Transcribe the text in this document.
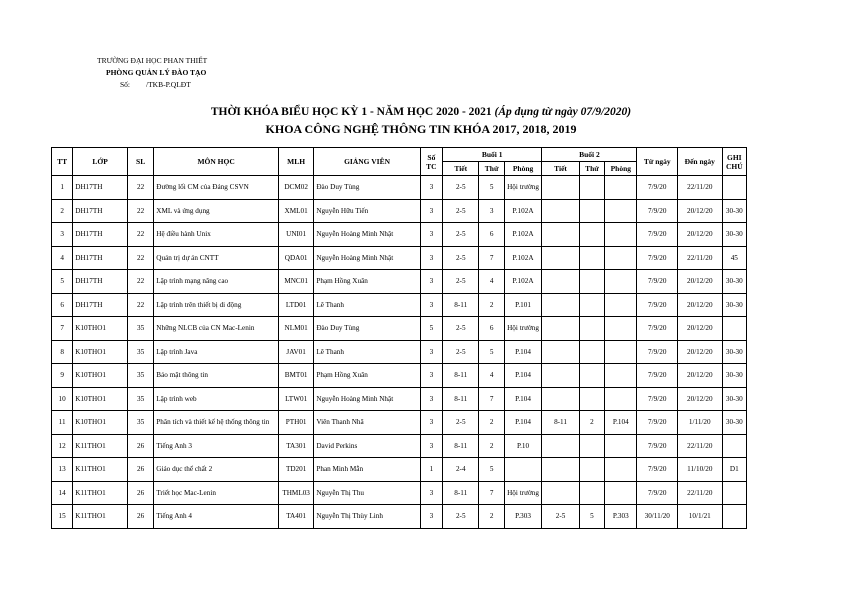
TRƯỜNG ĐẠI HỌC PHAN THIẾT
PHÒNG QUẢN LÝ ĐÀO TẠO
Số: /TKB-P.QLĐT
THỜI KHÓA BIỂU HỌC KỲ 1 - NĂM HỌC 2020 - 2021 (Áp dụng từ ngày 07/9/2020)
KHOA CÔNG NGHỆ THÔNG TIN KHÓA 2017, 2018, 2019
TT	LỚP	SL	MÔN HỌC	MLH	GIẢNG VIÊN	Số TC	Buổi 1			Buổi 2			Từ ngày	Đến ngày	GHI CHÚ
							Tiết	Thứ	Phòng	Tiết	Thứ	Phòng			
1	DH17TH	22	Đường lối CM của Đảng CSVN	DCM02	Đào Duy Tùng	3	2-5	5	Hội trường				7/9/20	22/11/20	
2	DH17TH	22	XML và ứng dụng	XML01	Nguyễn Hữu Tiến	3	2-5	3	P.102A				7/9/20	20/12/20	30-30
3	DH17TH	22	Hệ điều hành Unix	UNI01	Nguyễn Hoàng Minh Nhật	3	2-5	6	P.102A				7/9/20	20/12/20	30-30
4	DH17TH	22	Quản trị dự án CNTT	QDA01	Nguyễn Hoàng Minh Nhật	3	2-5	7	P.102A				7/9/20	22/11/20	45
5	DH17TH	22	Lập trình mạng nâng cao	MNC01	Phạm Hồng Xuân	3	2-5	4	P.102A				7/9/20	20/12/20	30-30
6	DH17TH	22	Lập trình trên thiết bị di động	LTD01	Lê Thanh	3	8-11	2	P.101				7/9/20	20/12/20	30-30
7	K10THO1	35	Những NLCB của CN Mac-Lenin	NLM01	Đào Duy Tùng	5	2-5	6	Hội trường				7/9/20	20/12/20	
8	K10THO1	35	Lập trình Java	JAV01	Lê Thanh	3	2-5	5	P.104				7/9/20	20/12/20	30-30
9	K10THO1	35	Bảo mật thông tin	BMT01	Phạm Hồng Xuân	3	8-11	4	P.104				7/9/20	20/12/20	30-30
10	K10THO1	35	Lập trình web	LTW01	Nguyễn Hoàng Minh Nhật	3	8-11	7	P.104				7/9/20	20/12/20	30-30
11	K10THO1	35	Phân tích và thiết kế hệ thống thông tin	PTH01	Viên Thanh Nhã	3	2-5	2	P.104	8-11	2	P.104	7/9/20	1/11/20	30-30
12	K11THO1	26	Tiếng Anh 3	TA301	David Perkins	3	8-11	2	P.10				7/9/20	22/11/20	
13	K11THO1	26	Giáo dục thể chất 2	TD201	Phan Minh Mẫn	1	2-4	5					7/9/20	11/10/20	D1
14	K11THO1	26	Triết học Mac-Lenin	THML03	Nguyễn Thị Thu	3	8-11	7	Hội trường				7/9/20	22/11/20	
15	K11THO1	26	Tiếng Anh 4	TA401	Nguyễn Thị Thùy Linh	3	2-5	2	P.303	2-5	5	P.303	30/11/20	10/1/21	
